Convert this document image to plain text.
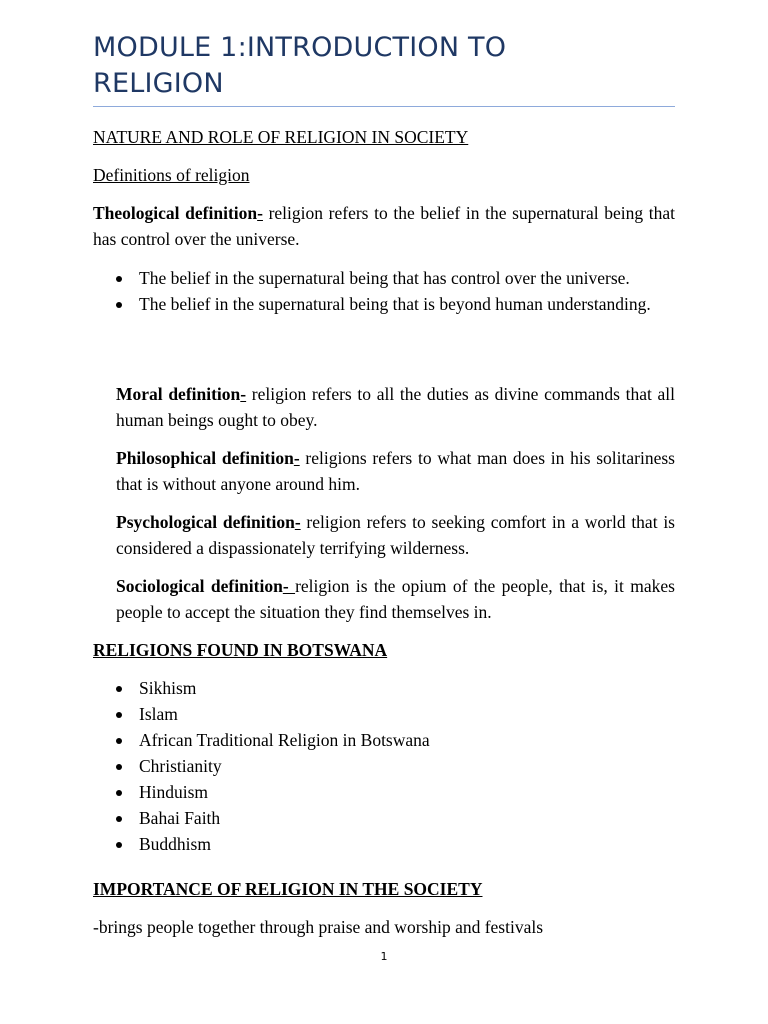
MODULE 1:INTRODUCTION TO
RELIGION

NATURE AND ROLE OF RELIGION IN SOCIETY

Definitions of religion

Theological definition- religion refers to the belief in the supernatural being that has control over the universe.

The belief in the supernatural being that has control over the universe.
The belief in the supernatural being that is beyond human understanding.

Moral definition- religion refers to all the duties as divine commands that all human beings ought to obey.

Philosophical definition- religions refers to what man does in his solitariness that is without anyone around him.

Psychological definition- religion refers to seeking comfort in a world that is considered a dispassionately terrifying wilderness.

Sociological definition- religion is the opium of the people, that is, it makes people to accept the situation they find themselves in.

RELIGIONS FOUND IN BOTSWANA

Sikhism
Islam
African Traditional Religion in Botswana
Christianity
Hinduism
Bahai Faith
Buddhism

IMPORTANCE OF RELIGION IN THE SOCIETY

-brings people together through praise and worship and festivals

1
